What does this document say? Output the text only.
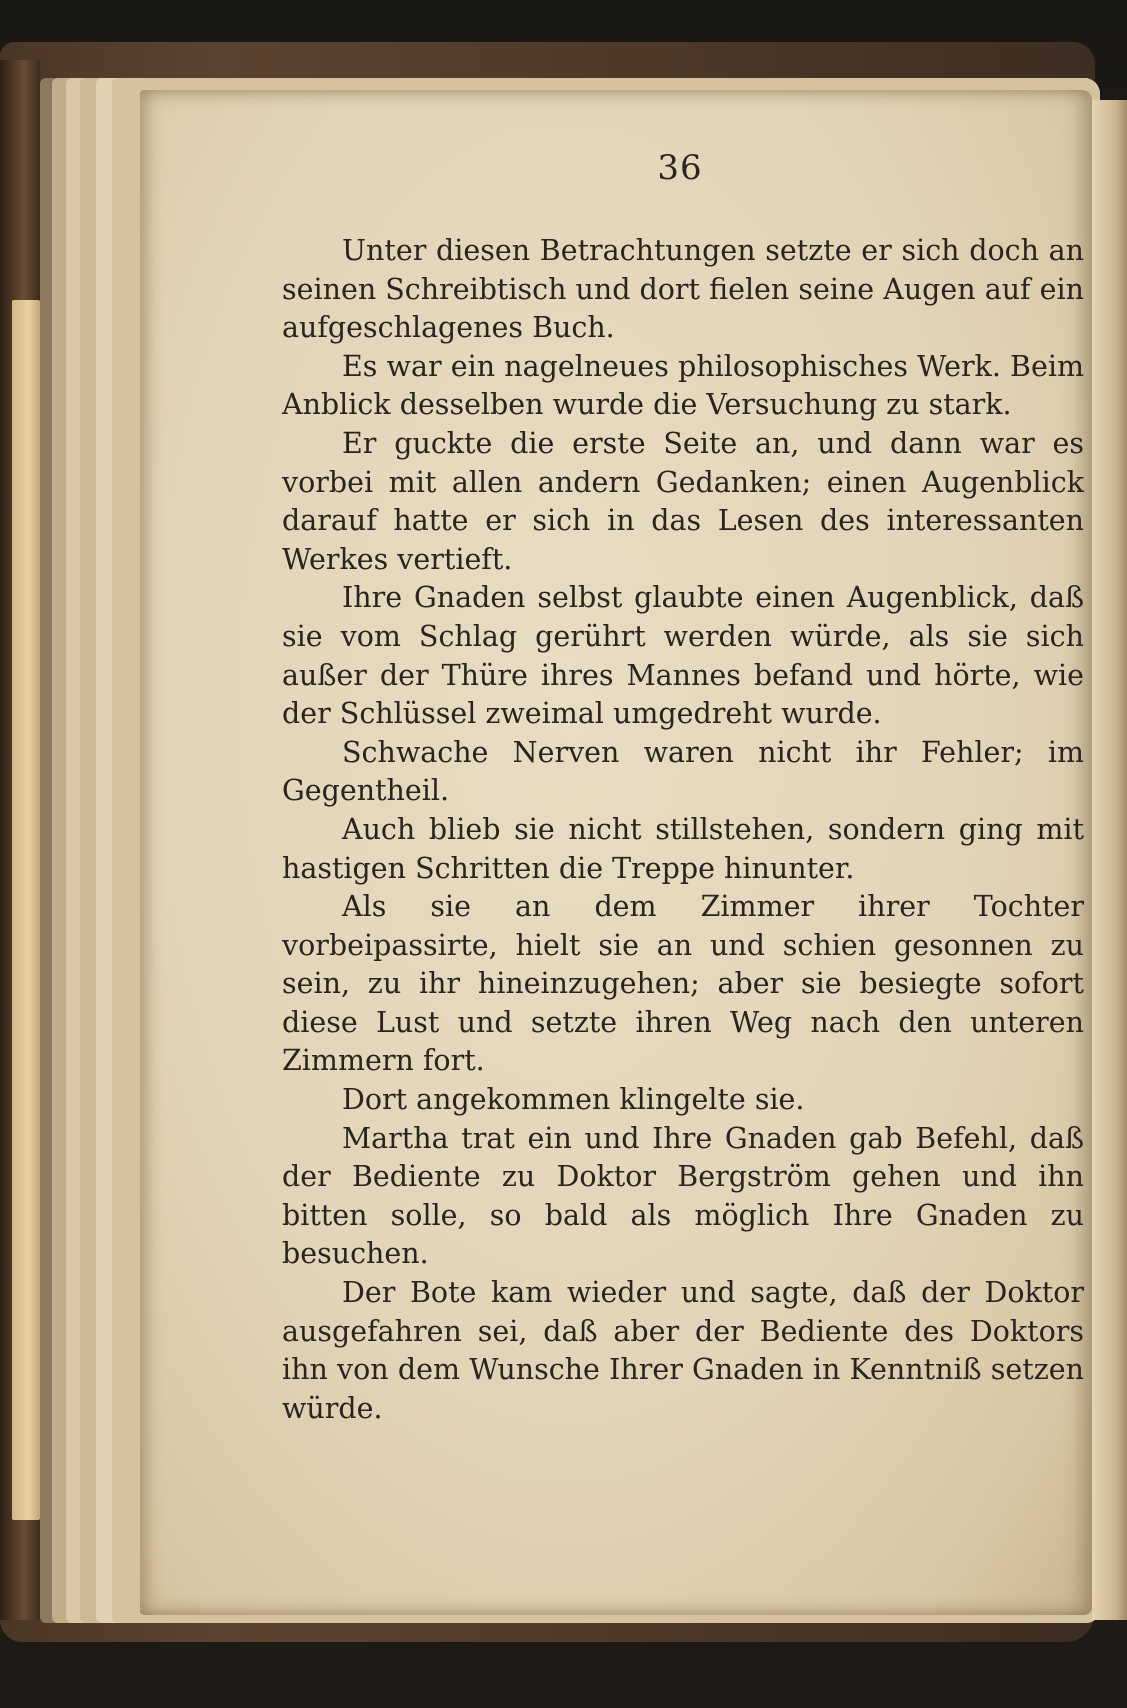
36

Unter diesen Betrachtungen setzte er sich doch an seinen Schreibtisch und dort fielen seine Augen auf ein aufgeschlagenes Buch.

Es war ein nagelneues philosophisches Werk. Beim Anblick desselben wurde die Versuchung zu stark.

Er guckte die erste Seite an, und dann war es vorbei mit allen andern Gedanken; einen Augenblick darauf hatte er sich in das Lesen des interessanten Werkes vertieft.

Ihre Gnaden selbst glaubte einen Augenblick, daß sie vom Schlag gerührt werden würde, als sie sich außer der Thüre ihres Mannes befand und hörte, wie der Schlüssel zweimal umgedreht wurde.

Schwache Nerven waren nicht ihr Fehler; im Gegentheil.

Auch blieb sie nicht stillstehen, sondern ging mit hastigen Schritten die Treppe hinunter.

Als sie an dem Zimmer ihrer Tochter vorbeipassirte, hielt sie an und schien gesonnen zu sein, zu ihr hineinzugehen; aber sie besiegte sofort diese Lust und setzte ihren Weg nach den unteren Zimmern fort.

Dort angekommen klingelte sie.

Martha trat ein und Ihre Gnaden gab Befehl, daß der Bediente zu Doktor Bergström gehen und ihn bitten solle, so bald als möglich Ihre Gnaden zu besuchen.

Der Bote kam wieder und sagte, daß der Doktor ausgefahren sei, daß aber der Bediente des Doktors ihn von dem Wunsche Ihrer Gnaden in Kenntniß setzen würde.
